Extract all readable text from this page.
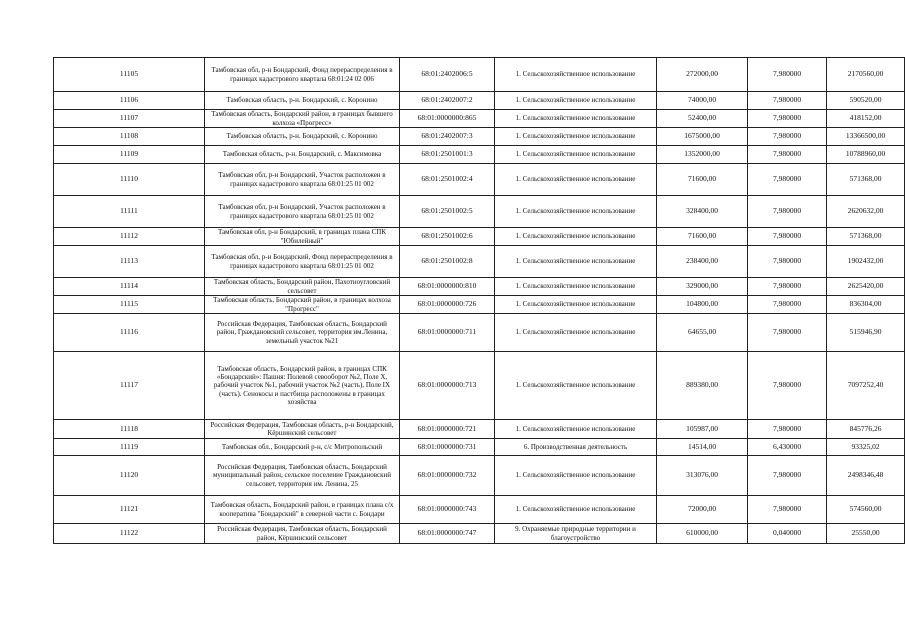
11105	Тамбовская обл, р-н Бондарский, Фонд перераспределения в границах кадастрового квартала 68:01:24 02 006	68:01:2402006:5	1. Сельскохозяйственное использование	272000,00	7,980000	2170560,00
11106	Тамбовская область, р-н. Бондарский, с. Коронино	68:01:2402007:2	1. Сельскохозяйственное использование	74000,00	7,980000	590520,00
11107	Тамбовская область, Бондарский район, в границах бывшего колхоза «Прогресс»	68:01:0000000:865	1. Сельскохозяйственное использование	52400,00	7,980000	418152,00
11108	Тамбовская область, р-н. Бондарский, с. Коронино	68:01:2402007:3	1. Сельскохозяйственное использование	1675000,00	7,980000	13366500,00
11109	Тамбовская область, р-н. Бондарский, с. Максимовка	68:01:2501001:3	1. Сельскохозяйственное использование	1352000,00	7,980000	10788960,00
11110	Тамбовская обл, р-н Бондарский, Участок расположен в границах кадастрового квартала 68:01:25 01 002	68:01:2501002:4	1. Сельскохозяйственное использование	71600,00	7,980000	571368,00
11111	Тамбовская обл, р-н Бондарский, Участок расположен в границах кадастрового квартала 68:01:25 01 002	68:01:2501002:5	1. Сельскохозяйственное использование	328400,00	7,980000	2620632,00
11112	Тамбовская обл, р-н Бондарский, в границах плана СПК "Юбилейный"	68:01:2501002:6	1. Сельскохозяйственное использование	71600,00	7,980000	571368,00
11113	Тамбовская обл, р-н Бондарский, Фонд перераспределения в границах кадастрового квартала 68:01:25 01 002	68:01:2501002:8	1. Сельскохозяйственное использование	238400,00	7,980000	1902432,00
11114	Тамбовская область, Бондарский район, Пахотноугловский сельсовет	68:01:0000000:810	1. Сельскохозяйственное использование	329000,00	7,980000	2625420,00
11115	Тамбовская область, Бондарский район, в границах колхоза "Прогресс"	68:01:0000000:726	1. Сельскохозяйственное использование	104800,00	7,980000	836304,00
11116	Российская Федерация, Тамбовская область, Бондарский район, Граждановский сельсовет, территория им.Ленина, земельный участок №21	68:01:0000000:711	1. Сельскохозяйственное использование	64655,00	7,980000	515946,90
11117	Тамбовская область, Бондарский район, в границах СПК «Бондарский»: Пашня: Полевой севооборот №2, Поле X, рабочий участок №1, рабочий участок №2 (часть), Поле IX (часть). Сенокосы и пастбища расположены в границах хозяйства	68:01:0000000:713	1. Сельскохозяйственное использование	889380,00	7,980000	7097252,40
11118	Российская Федерация, Тамбовская область, р-н Бондарский, Кёршинский сельсовет	68:01:0000000:721	1. Сельскохозяйственное использование	105987,00	7,980000	845776,26
11119	Тамбовская обл., Бондарский р-н, с/с Митропольский	68:01:0000000:731	6. Производственная деятельность	14514,00	6,430000	93325,02
11120	Российская Федерация, Тамбовская область, Бондарский муниципальный район, сельское поселение Граждановский сельсовет, территория им. Ленина, 25	68:01:0000000:732	1. Сельскохозяйственное использование	313076,00	7,980000	2498346,48
11121	Тамбовская область, Бондарский район, в границах плана с/х кооператива "Бондарский" в северной части с. Бондари	68:01:0000000:743	1. Сельскохозяйственное использование	72000,00	7,980000	574560,00
11122	Российская Федерация, Тамбовская область, Бондарский район, Кёршинский сельсовет	68:01:0000000:747	9. Охраняемые природные территории и благоустройство	610000,00	0,040000	25550,00
